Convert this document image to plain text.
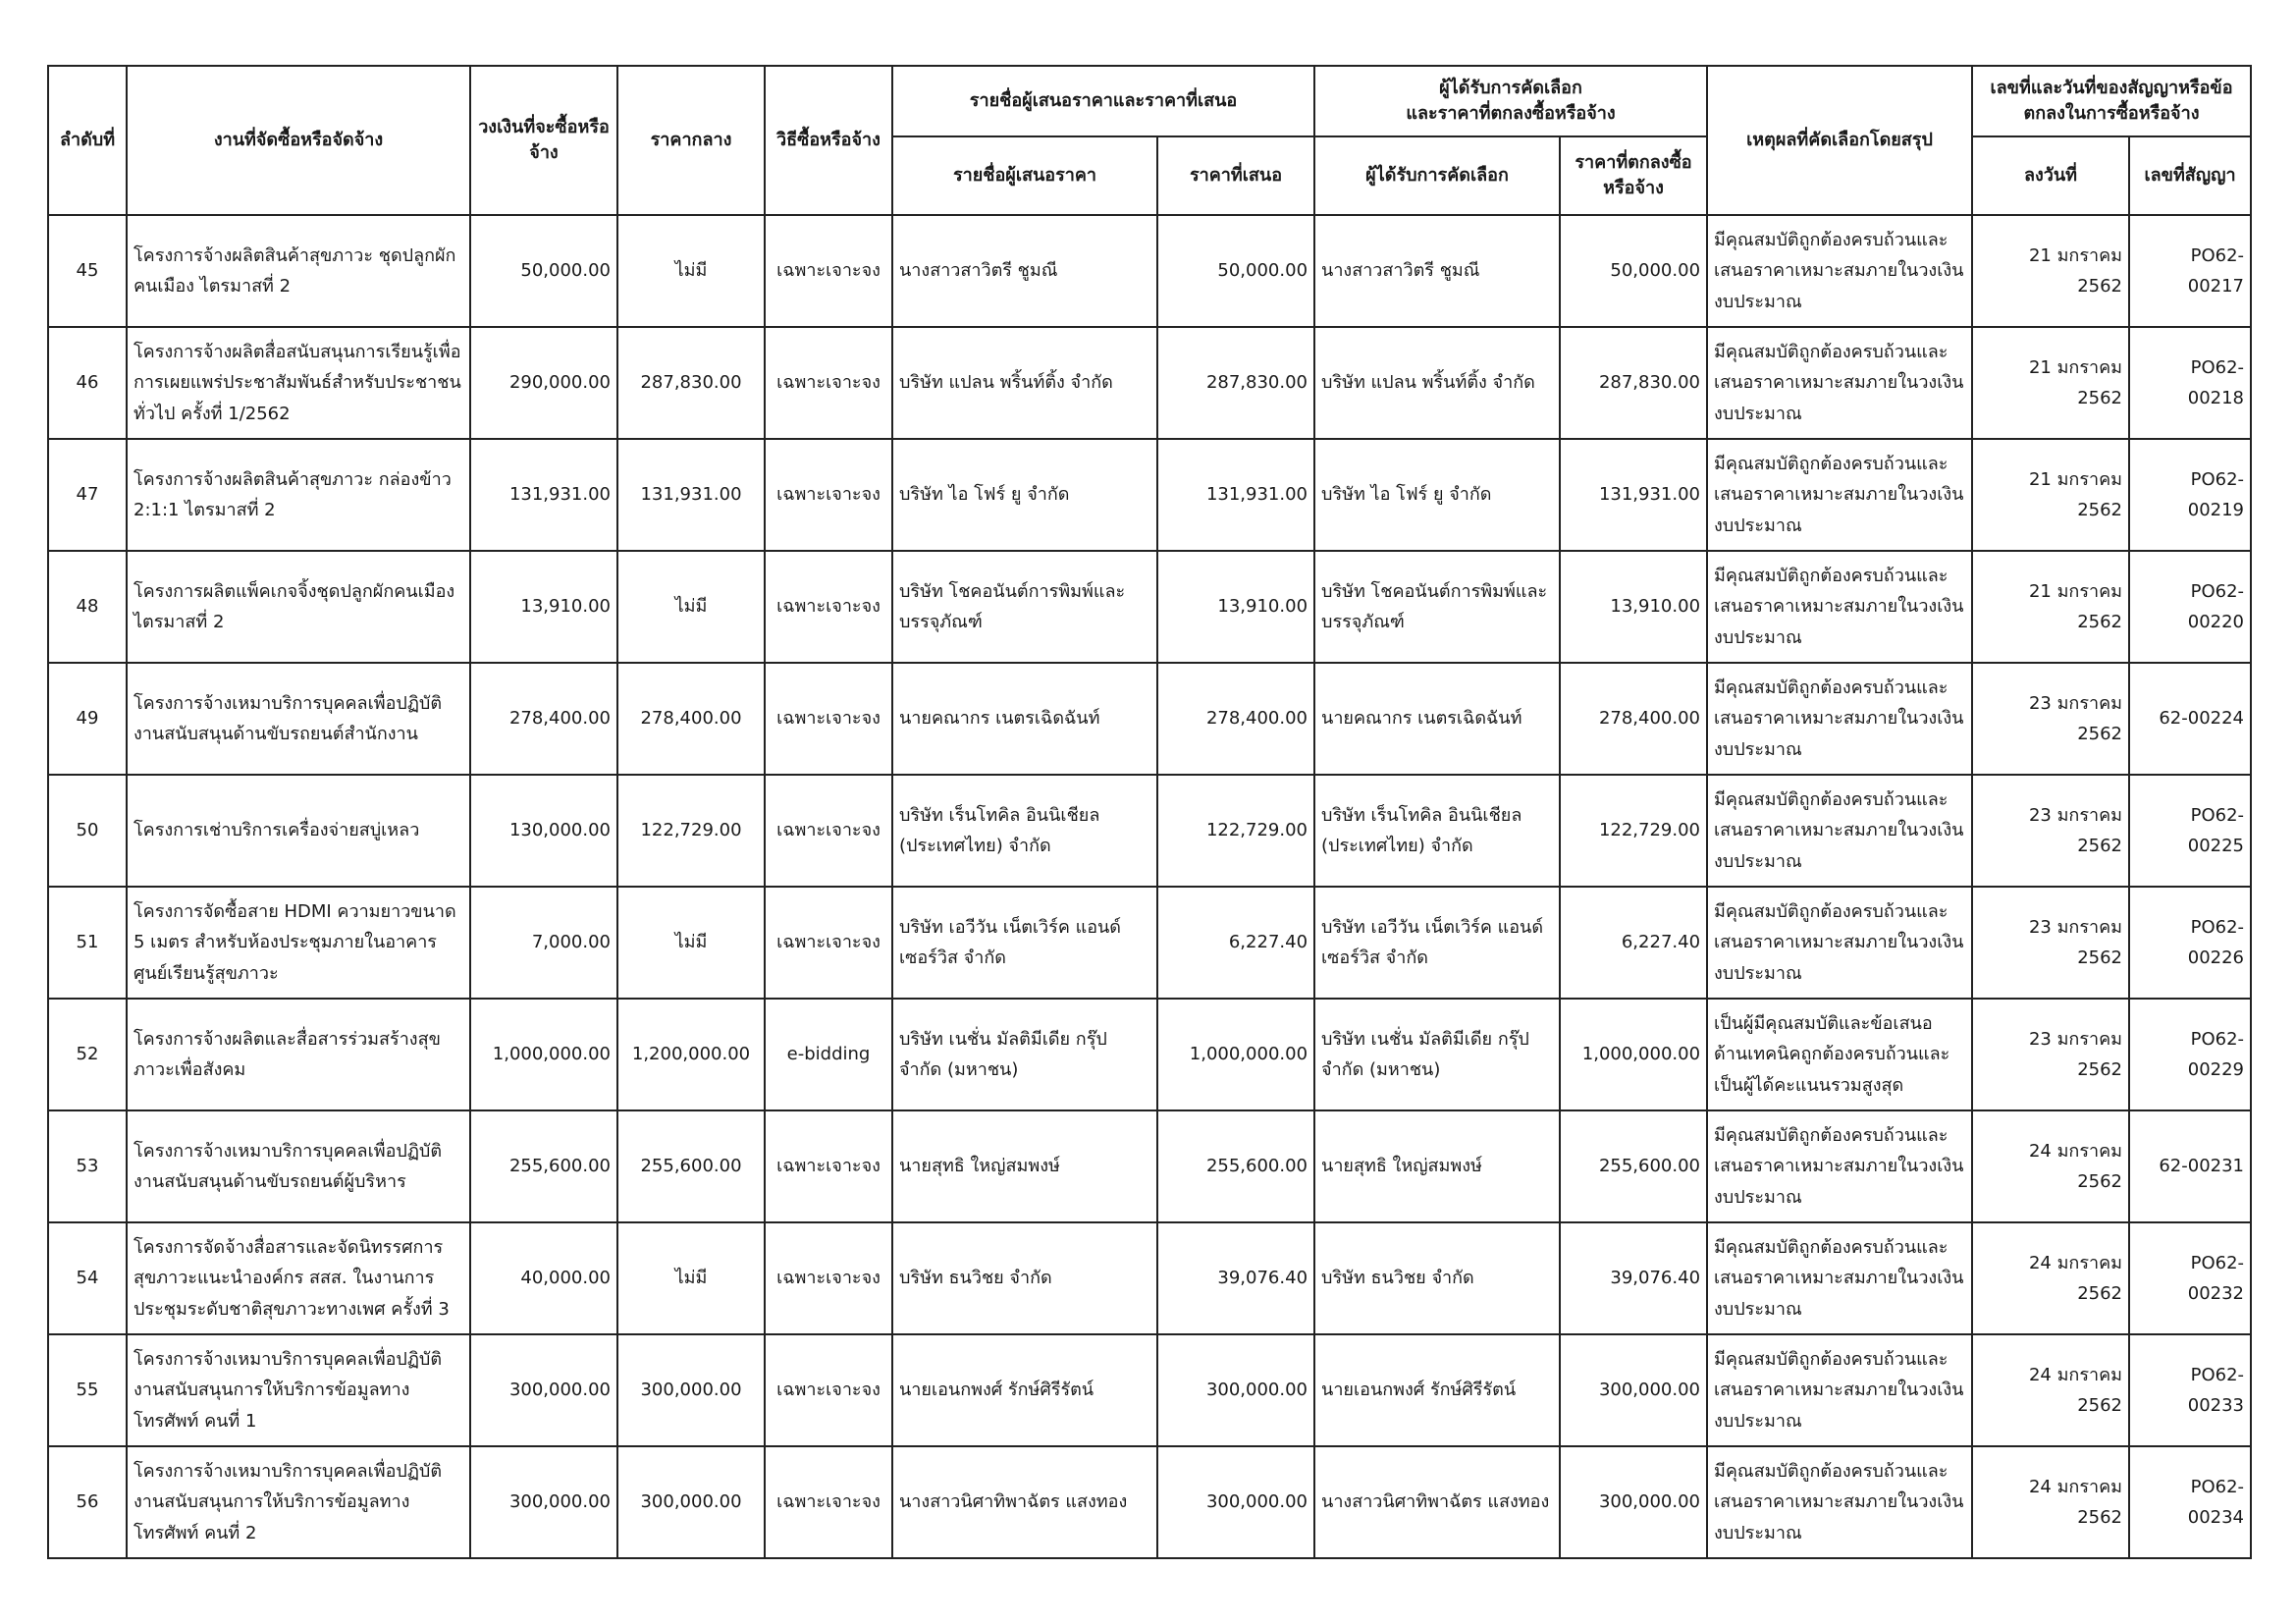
ลำดับที่	งานที่จัดซื้อหรือจัดจ้าง	วงเงินที่จะซื้อหรือจ้าง	ราคากลาง	วิธีซื้อหรือจ้าง	รายชื่อผู้เสนอราคาและราคาที่เสนอ		ผู้ได้รับการคัดเลือก
และราคาที่ตกลงซื้อหรือจ้าง		เหตุผลที่คัดเลือกโดยสรุป	เลขที่และวันที่ของสัญญาหรือข้อตกลงในการซื้อหรือจ้าง	
					รายชื่อผู้เสนอราคา	ราคาที่เสนอ	ผู้ได้รับการคัดเลือก	ราคาที่ตกลงซื้อหรือจ้าง		ลงวันที่	เลขที่สัญญา
45	โครงการจ้างผลิตสินค้าสุขภาวะ ชุดปลูกผักคนเมือง ไตรมาสที่ 2	50,000.00	ไม่มี	เฉพาะเจาะจง	นางสาวสาวิตรี ชูมณี	50,000.00	นางสาวสาวิตรี ชูมณี	50,000.00	มีคุณสมบัติถูกต้องครบถ้วนและเสนอราคาเหมาะสมภายในวงเงินงบประมาณ	21 มกราคม 2562	PO62-00217
46	โครงการจ้างผลิตสื่อสนับสนุนการเรียนรู้เพื่อการเผยแพร่ประชาสัมพันธ์สำหรับประชาชนทั่วไป ครั้งที่ 1/2562	290,000.00	287,830.00	เฉพาะเจาะจง	บริษัท แปลน พริ้นท์ติ้ง จำกัด	287,830.00	บริษัท แปลน พริ้นท์ติ้ง จำกัด	287,830.00	มีคุณสมบัติถูกต้องครบถ้วนและเสนอราคาเหมาะสมภายในวงเงินงบประมาณ	21 มกราคม 2562	PO62-00218
47	โครงการจ้างผลิตสินค้าสุขภาวะ กล่องข้าว 2:1:1 ไตรมาสที่ 2	131,931.00	131,931.00	เฉพาะเจาะจง	บริษัท ไอ โฟร์ ยู จำกัด	131,931.00	บริษัท ไอ โฟร์ ยู จำกัด	131,931.00	มีคุณสมบัติถูกต้องครบถ้วนและเสนอราคาเหมาะสมภายในวงเงินงบประมาณ	21 มกราคม 2562	PO62-00219
48	โครงการผลิตแพ็คเกจจิ้งชุดปลูกผักคนเมือง ไตรมาสที่ 2	13,910.00	ไม่มี	เฉพาะเจาะจง	บริษัท โชคอนันต์การพิมพ์และบรรจุภัณฑ์	13,910.00	บริษัท โชคอนันต์การพิมพ์และบรรจุภัณฑ์	13,910.00	มีคุณสมบัติถูกต้องครบถ้วนและเสนอราคาเหมาะสมภายในวงเงินงบประมาณ	21 มกราคม 2562	PO62-00220
49	โครงการจ้างเหมาบริการบุคคลเพื่อปฏิบัติงานสนับสนุนด้านขับรถยนต์สำนักงาน	278,400.00	278,400.00	เฉพาะเจาะจง	นายคณากร เนตรเฉิดฉันท์	278,400.00	นายคณากร เนตรเฉิดฉันท์	278,400.00	มีคุณสมบัติถูกต้องครบถ้วนและเสนอราคาเหมาะสมภายในวงเงินงบประมาณ	23 มกราคม 2562	62-00224
50	โครงการเช่าบริการเครื่องจ่ายสบู่เหลว	130,000.00	122,729.00	เฉพาะเจาะจง	บริษัท เร็นโทคิล อินนิเชียล (ประเทศไทย) จำกัด	122,729.00	บริษัท เร็นโทคิล อินนิเชียล (ประเทศไทย) จำกัด	122,729.00	มีคุณสมบัติถูกต้องครบถ้วนและเสนอราคาเหมาะสมภายในวงเงินงบประมาณ	23 มกราคม 2562	PO62-00225
51	โครงการจัดซื้อสาย HDMI ความยาวขนาด 5 เมตร สำหรับห้องประชุมภายในอาคารศูนย์เรียนรู้สุขภาวะ	7,000.00	ไม่มี	เฉพาะเจาะจง	บริษัท เอวีวัน เน็ตเวิร์ค แอนด์ เซอร์วิส จำกัด	6,227.40	บริษัท เอวีวัน เน็ตเวิร์ค แอนด์ เซอร์วิส จำกัด	6,227.40	มีคุณสมบัติถูกต้องครบถ้วนและเสนอราคาเหมาะสมภายในวงเงินงบประมาณ	23 มกราคม 2562	PO62-00226
52	โครงการจ้างผลิตและสื่อสารร่วมสร้างสุขภาวะเพื่อสังคม	1,000,000.00	1,200,000.00	e-bidding	บริษัท เนชั่น มัลติมีเดีย กรุ๊ป จำกัด (มหาชน)	1,000,000.00	บริษัท เนชั่น มัลติมีเดีย กรุ๊ป จำกัด (มหาชน)	1,000,000.00	เป็นผู้มีคุณสมบัติและข้อเสนอด้านเทคนิคถูกต้องครบถ้วนและเป็นผู้ได้คะแนนรวมสูงสุด	23 มกราคม 2562	PO62-00229
53	โครงการจ้างเหมาบริการบุคคลเพื่อปฏิบัติงานสนับสนุนด้านขับรถยนต์ผู้บริหาร	255,600.00	255,600.00	เฉพาะเจาะจง	นายสุทธิ ใหญ่สมพงษ์	255,600.00	นายสุทธิ ใหญ่สมพงษ์	255,600.00	มีคุณสมบัติถูกต้องครบถ้วนและเสนอราคาเหมาะสมภายในวงเงินงบประมาณ	24 มกราคม 2562	62-00231
54	โครงการจัดจ้างสื่อสารและจัดนิทรรศการสุขภาวะแนะนำองค์กร สสส. ในงานการประชุมระดับชาติสุขภาวะทางเพศ ครั้งที่ 3	40,000.00	ไม่มี	เฉพาะเจาะจง	บริษัท ธนวิชย จำกัด	39,076.40	บริษัท ธนวิชย จำกัด	39,076.40	มีคุณสมบัติถูกต้องครบถ้วนและเสนอราคาเหมาะสมภายในวงเงินงบประมาณ	24 มกราคม 2562	PO62-00232
55	โครงการจ้างเหมาบริการบุคคลเพื่อปฏิบัติงานสนับสนุนการให้บริการข้อมูลทางโทรศัพท์ คนที่ 1	300,000.00	300,000.00	เฉพาะเจาะจง	นายเอนกพงศ์ รักษ์ศิรีรัตน์	300,000.00	นายเอนกพงศ์ รักษ์ศิรีรัตน์	300,000.00	มีคุณสมบัติถูกต้องครบถ้วนและเสนอราคาเหมาะสมภายในวงเงินงบประมาณ	24 มกราคม 2562	PO62-00233
56	โครงการจ้างเหมาบริการบุคคลเพื่อปฏิบัติงานสนับสนุนการให้บริการข้อมูลทางโทรศัพท์ คนที่ 2	300,000.00	300,000.00	เฉพาะเจาะจง	นางสาวนิศาทิพาฉัตร แสงทอง	300,000.00	นางสาวนิศาทิพาฉัตร แสงทอง	300,000.00	มีคุณสมบัติถูกต้องครบถ้วนและเสนอราคาเหมาะสมภายในวงเงินงบประมาณ	24 มกราคม 2562	PO62-00234
